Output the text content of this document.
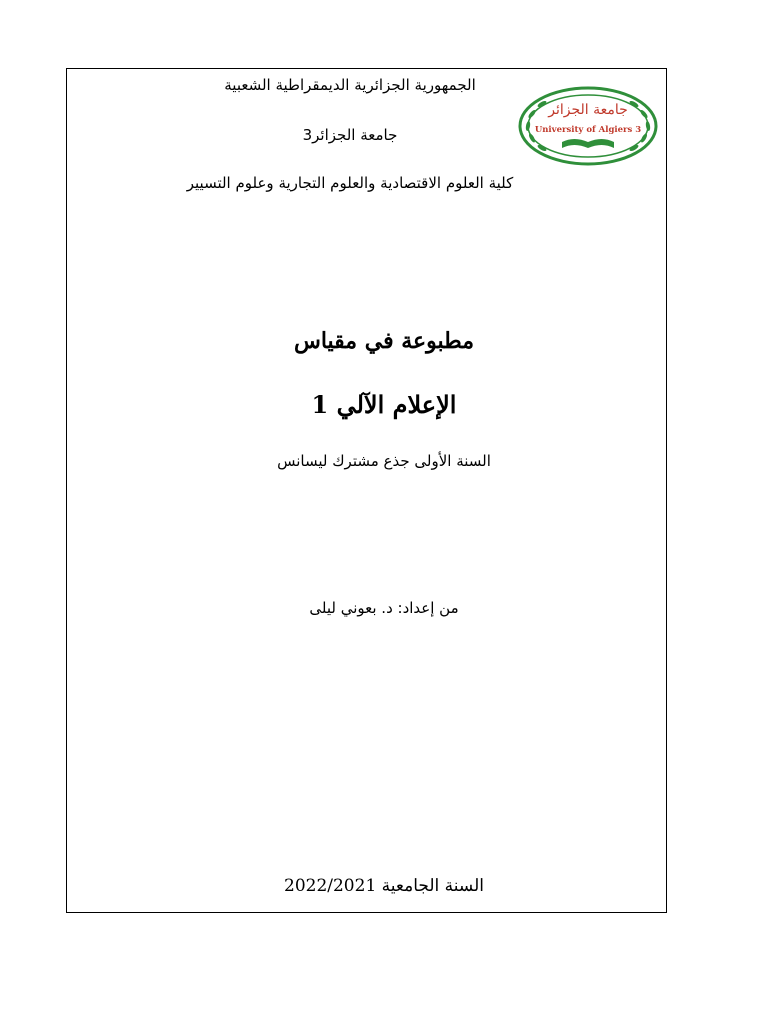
الجمهورية الجزائرية الديمقراطية الشعبية
جامعة الجزائر3
كلية العلوم الاقتصادية والعلوم التجارية وعلوم التسيير
جامعة الجزائر
University of Algiers 3
مطبوعة في مقياس
الإعلام الآلي 1
السنة الأولى جذع مشترك ليسانس
من إعداد: د. بعوني ليلى
السنة الجامعية 2022/2021
